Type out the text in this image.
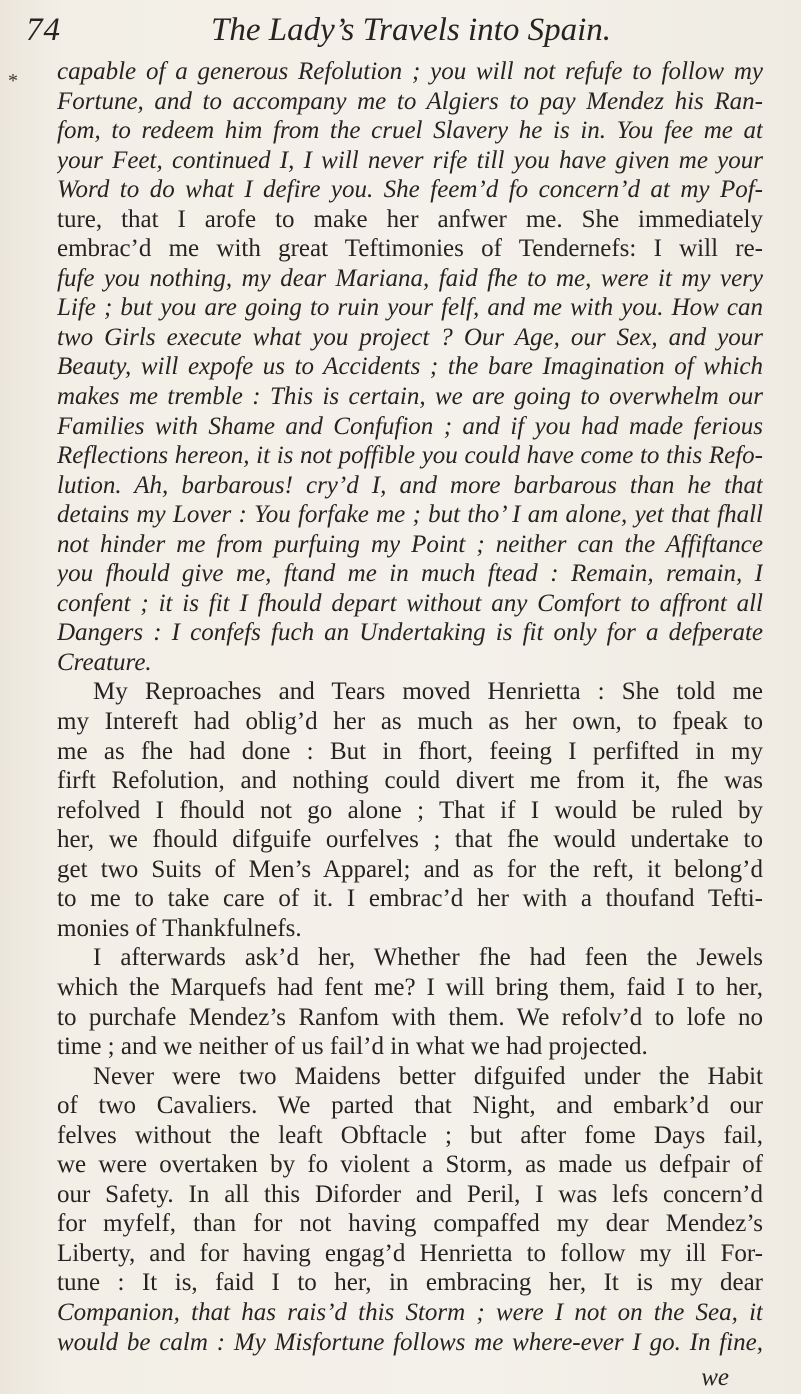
*
74	The Lady’s Travels into Spain.
capable of a generous Refolution ; you will not refufe to follow my
Fortune, and to accompany me to Algiers to pay Mendez his Ran-
fom, to redeem him from the cruel Slavery he is in. You fee me at
your Feet, continued I, I will never rife till you have given me your
Word to do what I defire you. She feem’d fo concern’d at my Pof-
ture, that I arofe to make her anfwer me. She immediately
embrac’d me with great Teftimonies of Tendernefs: I will re-
fufe you nothing, my dear Mariana, faid fhe to me, were it my very
Life ; but you are going to ruin your felf, and me with you. How can
two Girls execute what you project ? Our Age, our Sex, and your
Beauty, will expofe us to Accidents ; the bare Imagination of which
makes me tremble : This is certain, we are going to overwhelm our
Families with Shame and Confufion ; and if you had made ferious
Reflections hereon, it is not poffible you could have come to this Refo-
lution. Ah, barbarous! cry’d I, and more barbarous than he that
detains my Lover : You forfake me ; but tho’ I am alone, yet that fhall
not hinder me from purfuing my Point ; neither can the Affiftance
you fhould give me, ftand me in much ftead : Remain, remain, I
confent ; it is fit I fhould depart without any Comfort to affront all
Dangers : I confefs fuch an Undertaking is fit only for a defperate
Creature.
My Reproaches and Tears moved Henrietta : She told me
my Intereft had oblig’d her as much as her own, to fpeak to
me as fhe had done : But in fhort, feeing I perfifted in my
firft Refolution, and nothing could divert me from it, fhe was
refolved I fhould not go alone ; That if I would be ruled by
her, we fhould difguife ourfelves ; that fhe would undertake to
get two Suits of Men’s Apparel; and as for the reft, it belong’d
to me to take care of it. I embrac’d her with a thoufand Tefti-
monies of Thankfulnefs.
I afterwards ask’d her, Whether fhe had feen the Jewels
which the Marquefs had fent me? I will bring them, faid I to her,
to purchafe Mendez’s Ranfom with them. We refolv’d to lofe no
time ; and we neither of us fail’d in what we had projected.
Never were two Maidens better difguifed under the Habit
of two Cavaliers. We parted that Night, and embark’d our
felves without the leaft Obftacle ; but after fome Days fail,
we were overtaken by fo violent a Storm, as made us defpair of
our Safety. In all this Diforder and Peril, I was lefs concern’d
for myfelf, than for not having compaffed my dear Mendez’s
Liberty, and for having engag’d Henrietta to follow my ill For-
tune : It is, faid I to her, in embracing her, It is my dear
Companion, that has rais’d this Storm ; were I not on the Sea, it
would be calm : My Misfortune follows me where-ever I go. In fine,
we
